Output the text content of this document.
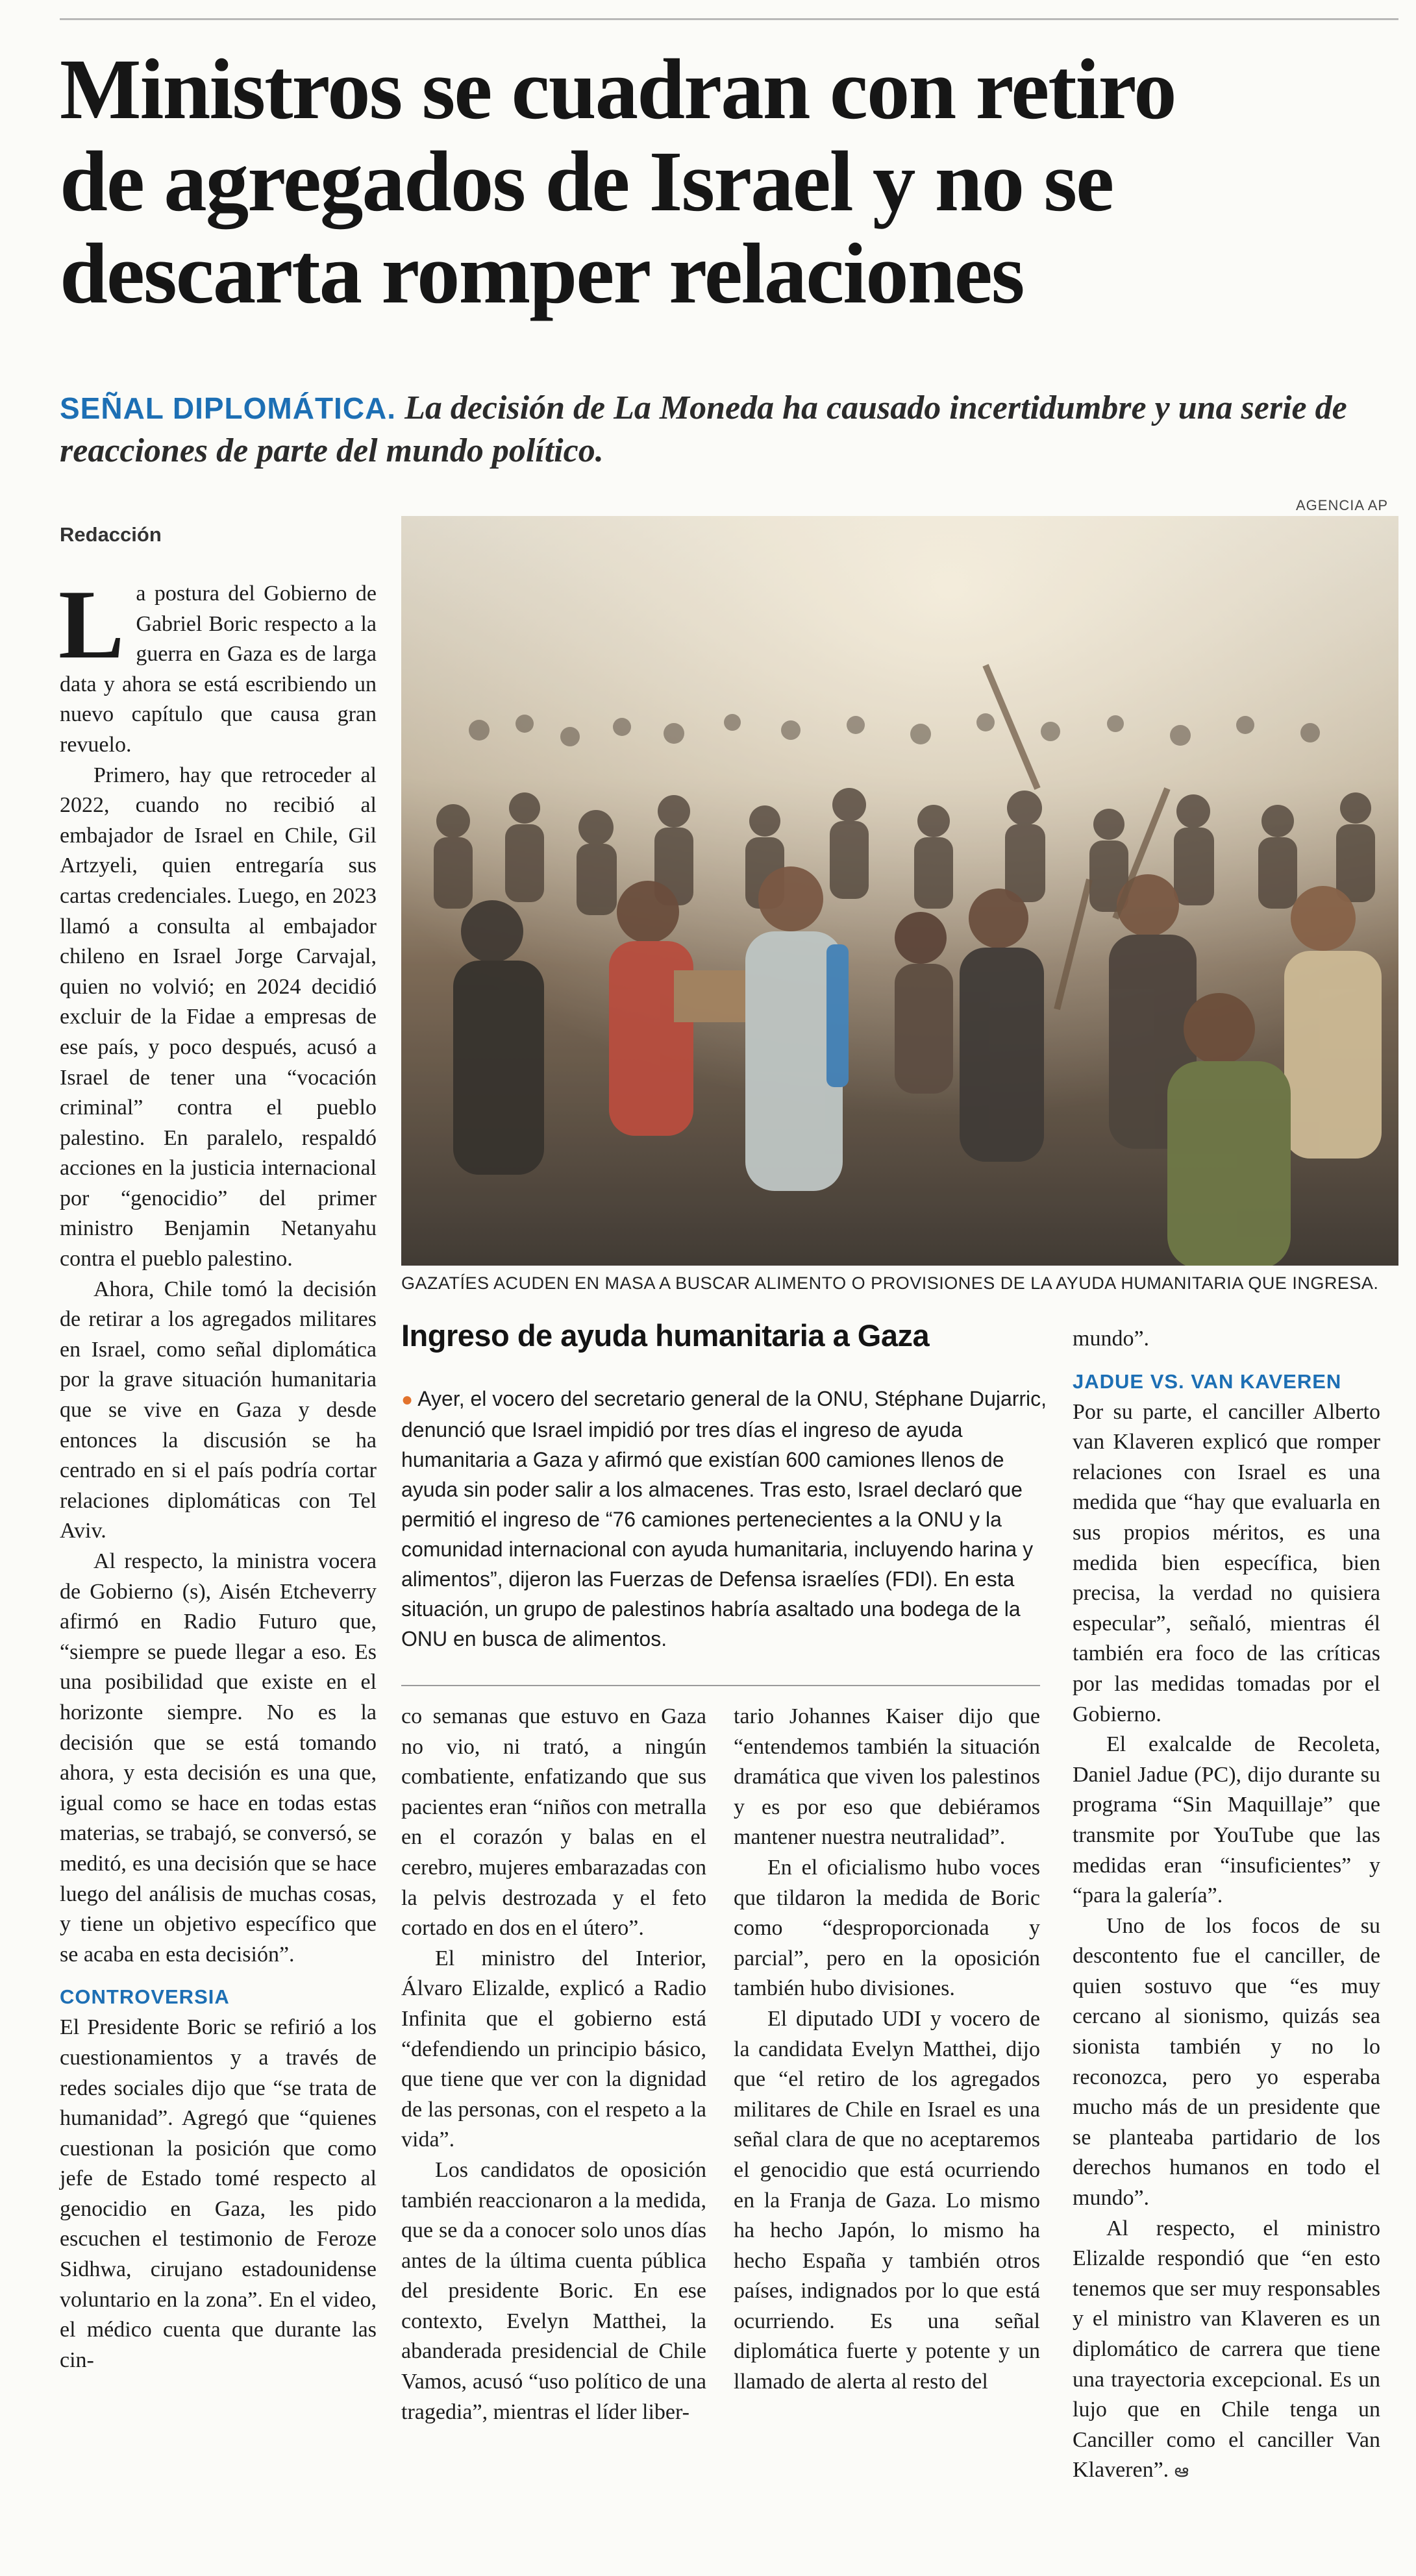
Ministros se cuadran con retiro
de agregados de Israel y no se
descarta romper relaciones

SEÑAL DIPLOMÁTICA. La decisión de La Moneda ha causado incertidumbre y una serie de reacciones de parte del mundo político.

Redacción
AGENCIA AP
GAZATÍES ACUDEN EN MASA A BUSCAR ALIMENTO O PROVISIONES DE LA AYUDA HUMANITARIA QUE INGRESA.

La postura del Gobierno de Gabriel Boric respecto a la guerra en Gaza es de larga data y ahora se está escribiendo un nuevo capítulo que causa gran revuelo.

Primero, hay que retroceder al 2022, cuando no recibió al embajador de Israel en Chile, Gil Artzyeli, quien entregaría sus cartas credenciales. Luego, en 2023 llamó a consulta al embajador chileno en Israel Jorge Carvajal, quien no volvió; en 2024 decidió excluir de la Fidae a empresas de ese país, y poco después, acusó a Israel de tener una “vocación criminal” contra el pueblo palestino. En paralelo, respaldó acciones en la justicia internacional por “genocidio” del primer ministro Benjamin Netanyahu contra el pueblo palestino.

Ahora, Chile tomó la decisión de retirar a los agregados militares en Israel, como señal diplomática por la grave situación humanitaria que se vive en Gaza y desde entonces la discusión se ha centrado en si el país podría cortar relaciones diplomáticas con Tel Aviv.

Al respecto, la ministra vocera de Gobierno (s), Aisén Etcheverry afirmó en Radio Futuro que, “siempre se puede llegar a eso. Es una posibilidad que existe en el horizonte siempre. No es la decisión que se está tomando ahora, y esta decisión es una que, igual como se hace en todas estas materias, se trabajó, se conversó, se meditó, es una decisión que se hace luego del análisis de muchas cosas, y tiene un objetivo específico que se acaba en esta decisión”.

CONTROVERSIA

El Presidente Boric se refirió a los cuestionamientos y a través de redes sociales dijo que “se trata de humanidad”. Agregó que “quienes cuestionan la posición que como jefe de Estado tomé respecto al genocidio en Gaza, les pido escuchen el testimonio de Feroze Sidhwa, cirujano estadounidense voluntario en la zona”. En el video, el médico cuenta que durante las cin-

Ingreso de ayuda humanitaria a Gaza
● Ayer, el vocero del secretario general de la ONU, Stéphane Dujarric, denunció que Israel impidió por tres días el ingreso de ayuda humanitaria a Gaza y afirmó que existían 600 camiones llenos de ayuda sin poder salir a los almacenes. Tras esto, Israel declaró que permitió el ingreso de “76 camiones pertenecientes a la ONU y la comunidad internacional con ayuda humanitaria, incluyendo harina y alimentos”, dijeron las Fuerzas de Defensa israelíes (FDI). En esta situación, un grupo de palestinos habría asaltado una bodega de la ONU en busca de alimentos.

co semanas que estuvo en Gaza no vio, ni trató, a ningún combatiente, enfatizando que sus pacientes eran “niños con metralla en el corazón y balas en el cerebro, mujeres embarazadas con la pelvis destrozada y el feto cortado en dos en el útero”.

El ministro del Interior, Álvaro Elizalde, explicó a Radio Infinita que el gobierno está “defendiendo un principio básico, que tiene que ver con la dignidad de las personas, con el respeto a la vida”.

Los candidatos de oposición también reaccionaron a la medida, que se da a conocer solo unos días antes de la última cuenta pública del presidente Boric. En ese contexto, Evelyn Matthei, la abanderada presidencial de Chile Vamos, acusó “uso político de una tragedia”, mientras el líder liber-

tario Johannes Kaiser dijo que “entendemos también la situación dramática que viven los palestinos y es por eso que debiéramos mantener nuestra neutralidad”.

En el oficialismo hubo voces que tildaron la medida de Boric como “desproporcionada y parcial”, pero en la oposición también hubo divisiones.

El diputado UDI y vocero de la candidata Evelyn Matthei, dijo que “el retiro de los agregados militares de Chile en Israel es una señal clara de que no aceptaremos el genocidio que está ocurriendo en la Franja de Gaza. Lo mismo ha hecho Japón, lo mismo ha hecho España y también otros países, indignados por lo que está ocurriendo. Es una señal diplomática fuerte y potente y un llamado de alerta al resto del

mundo”.

JADUE VS. VAN KAVEREN

Por su parte, el canciller Alberto van Klaveren explicó que romper relaciones con Israel es una medida que “hay que evaluarla en sus propios méritos, es una medida bien específica, bien precisa, la verdad no quisiera especular”, señaló, mientras él también era foco de las críticas por las medidas tomadas por el Gobierno.

El exalcalde de Recoleta, Daniel Jadue (PC), dijo durante su programa “Sin Maquillaje” que transmite por YouTube que las medidas eran “insuficientes” y “para la galería”.

Uno de los focos de su descontento fue el canciller, de quien sostuvo que “es muy cercano al sionismo, quizás sea sionista también y no lo reconozca, pero yo esperaba mucho más de un presidente que se planteaba partidario de los derechos humanos en todo el mundo”.

Al respecto, el ministro Elizalde respondió que “en esto tenemos que ser muy responsables y el ministro van Klaveren es un diplomático de carrera que tiene una trayectoria excepcional. Es un lujo que en Chile tenga un Canciller como el canciller Van Klaveren”. ఆ
